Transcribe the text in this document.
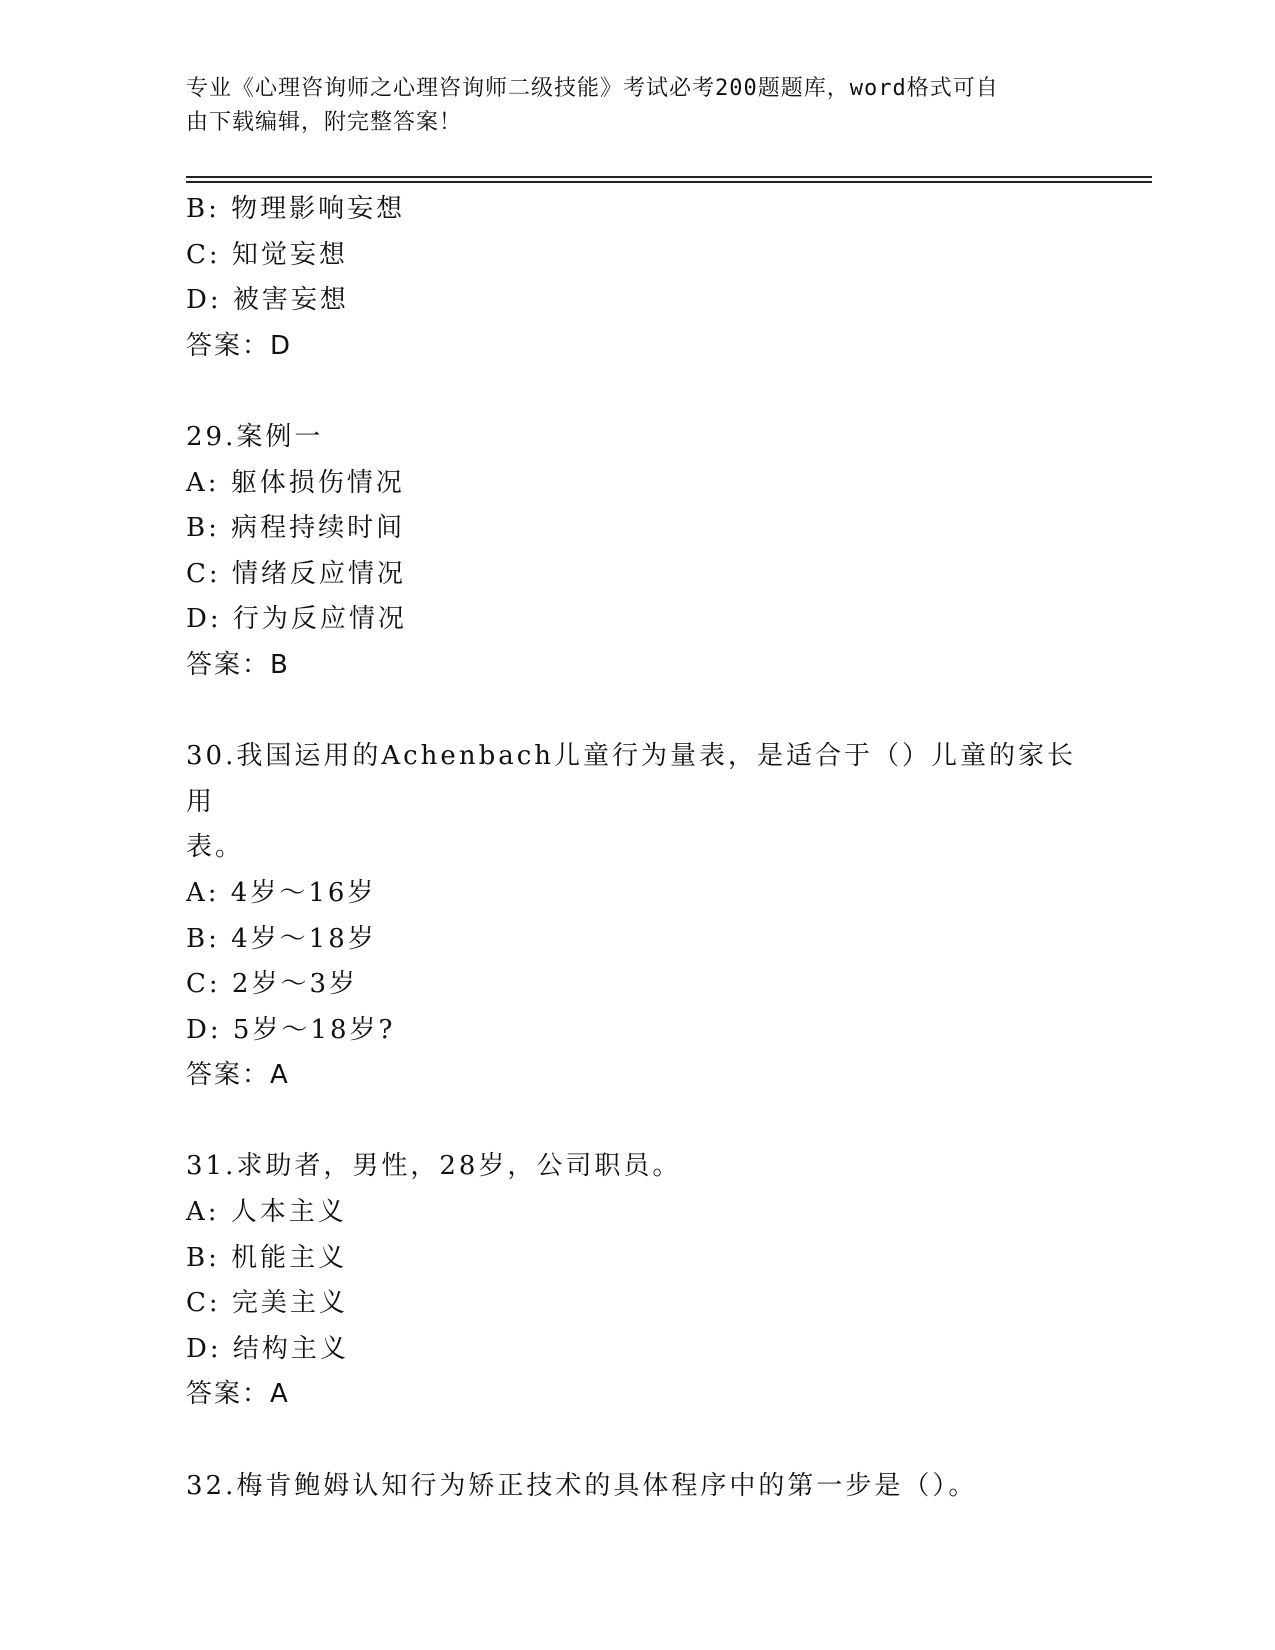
专业《心理咨询师之心理咨询师二级技能》考试必考200题题库，word格式可自
由下载编辑，附完整答案！
B: 物理影响妄想
C: 知觉妄想
D: 被害妄想
答案：D
29.案例一
A: 躯体损伤情况
B: 病程持续时间
C: 情绪反应情况
D: 行为反应情况
答案：B
30.我国运用的Achenbach儿童行为量表，是适合于（）儿童的家长用
表。
A: 4岁～16岁
B: 4岁～18岁
C: 2岁～3岁
D: 5岁～18岁?
答案：A
31.求助者，男性，28岁，公司职员。
A: 人本主义
B: 机能主义
C: 完美主义
D: 结构主义
答案：A
32.梅肯鲍姆认知行为矫正技术的具体程序中的第一步是（）。
